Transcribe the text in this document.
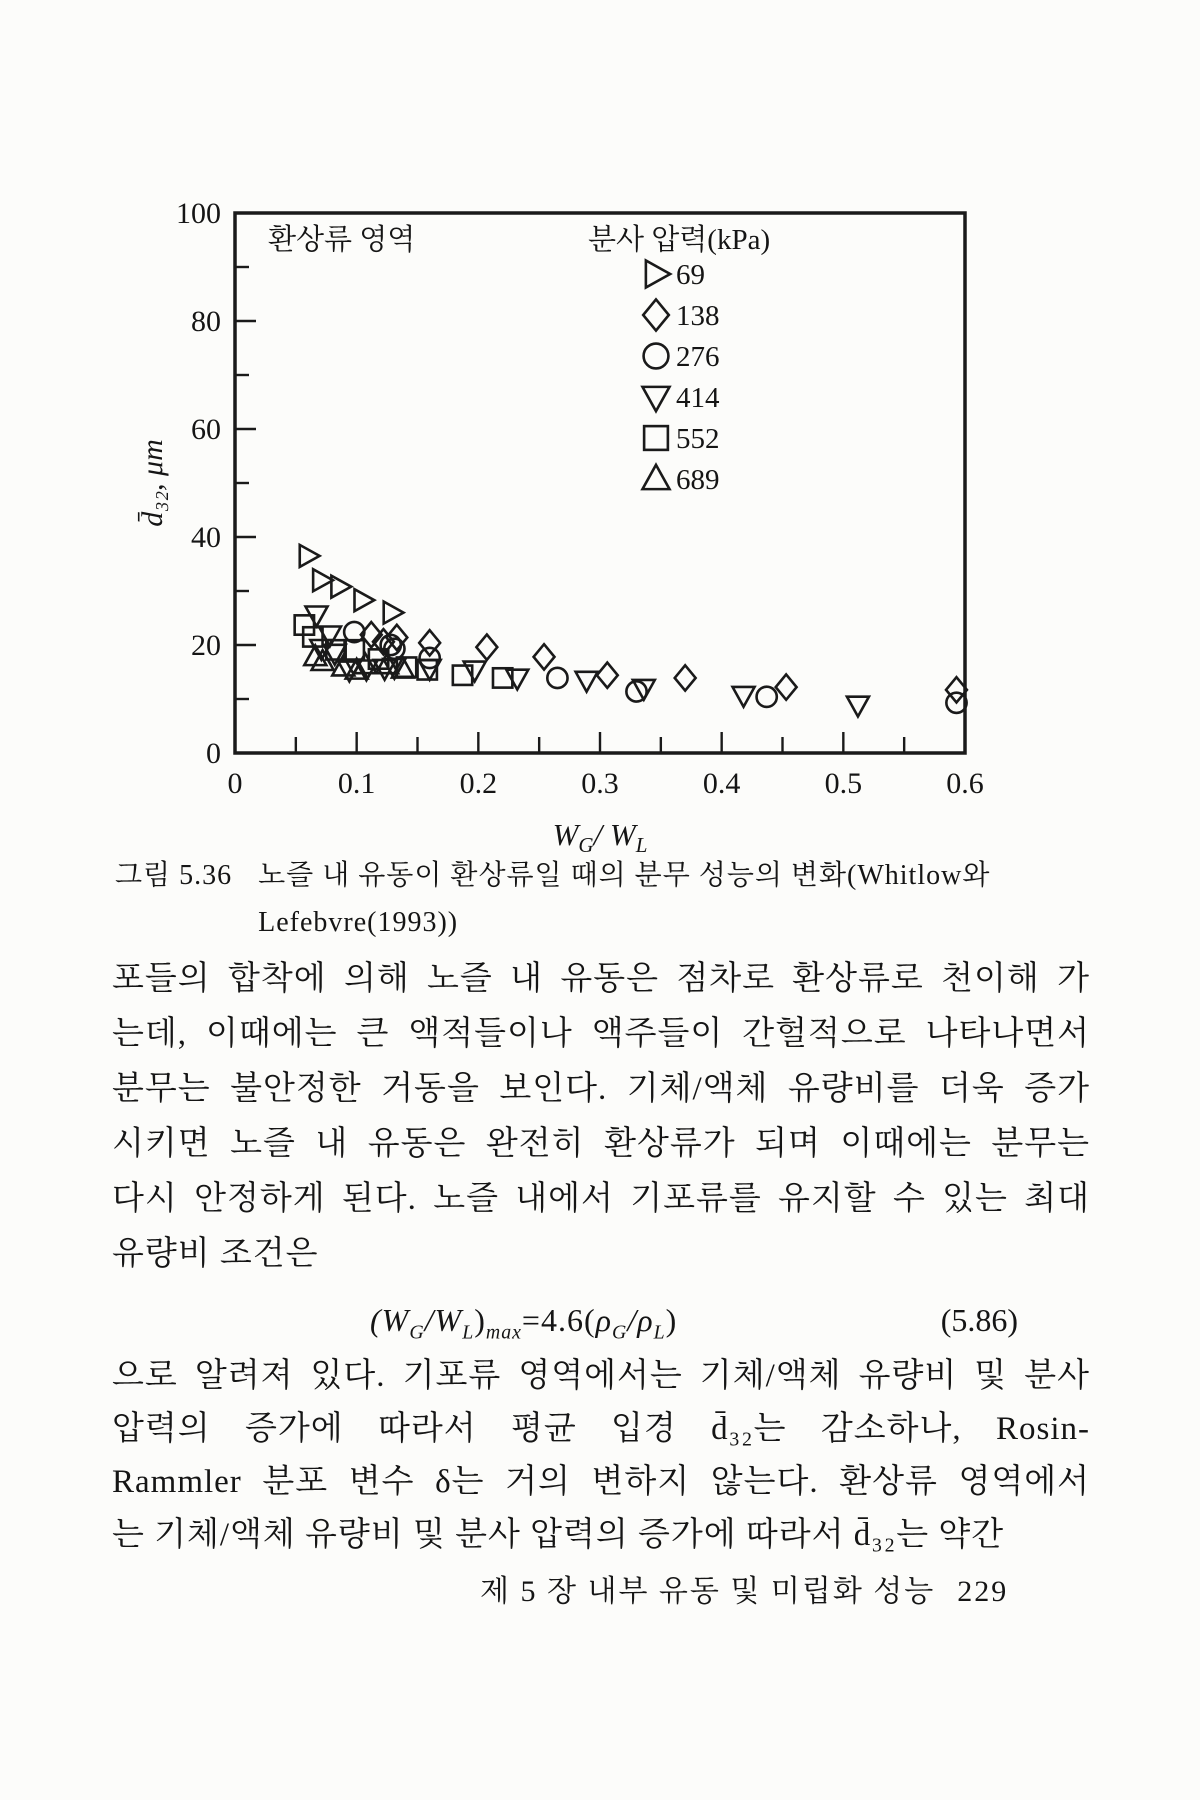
0	0.1	0.2	0.3	0.4	0.5	0.6
0
20
40
60
80
100
$W_G/$ $W_L$
d̄₃₂, μm
환상류 영역	분사 압력(kPa)
69
138
276
414
552
689
그림 5.36 노즐 내 유동이 환상류일 때의 분무 성능의 변화(Whitlow와
Lefebvre(1993))
포들의 합착에 의해 노즐 내 유동은 점차로 환상류로 천이해 가
는데, 이때에는 큰 액적들이나 액주들이 간헐적으로 나타나면서
분무는 불안정한 거동을 보인다. 기체/액체 유량비를 더욱 증가
시키면 노즐 내 유동은 완전히 환상류가 되며 이때에는 분무는
다시 안정하게 된다. 노즐 내에서 기포류를 유지할 수 있는 최대
유량비 조건은
$(W_G/W_L)_{max}=4.6(\rho_G/\rho_L)$	(5.86)
으로 알려져 있다. 기포류 영역에서는 기체/액체 유량비 및 분사
압력의 증가에 따라서 평균 입경 d̄₃₂는 감소하나, Rosin-
Rammler 분포 변수 δ는 거의 변하지 않는다. 환상류 영역에서
는 기체/액체 유량비 및 분사 압력의 증가에 따라서 d̄₃₂는 약간
제 5 장 내부 유동 및 미립화 성능 229
